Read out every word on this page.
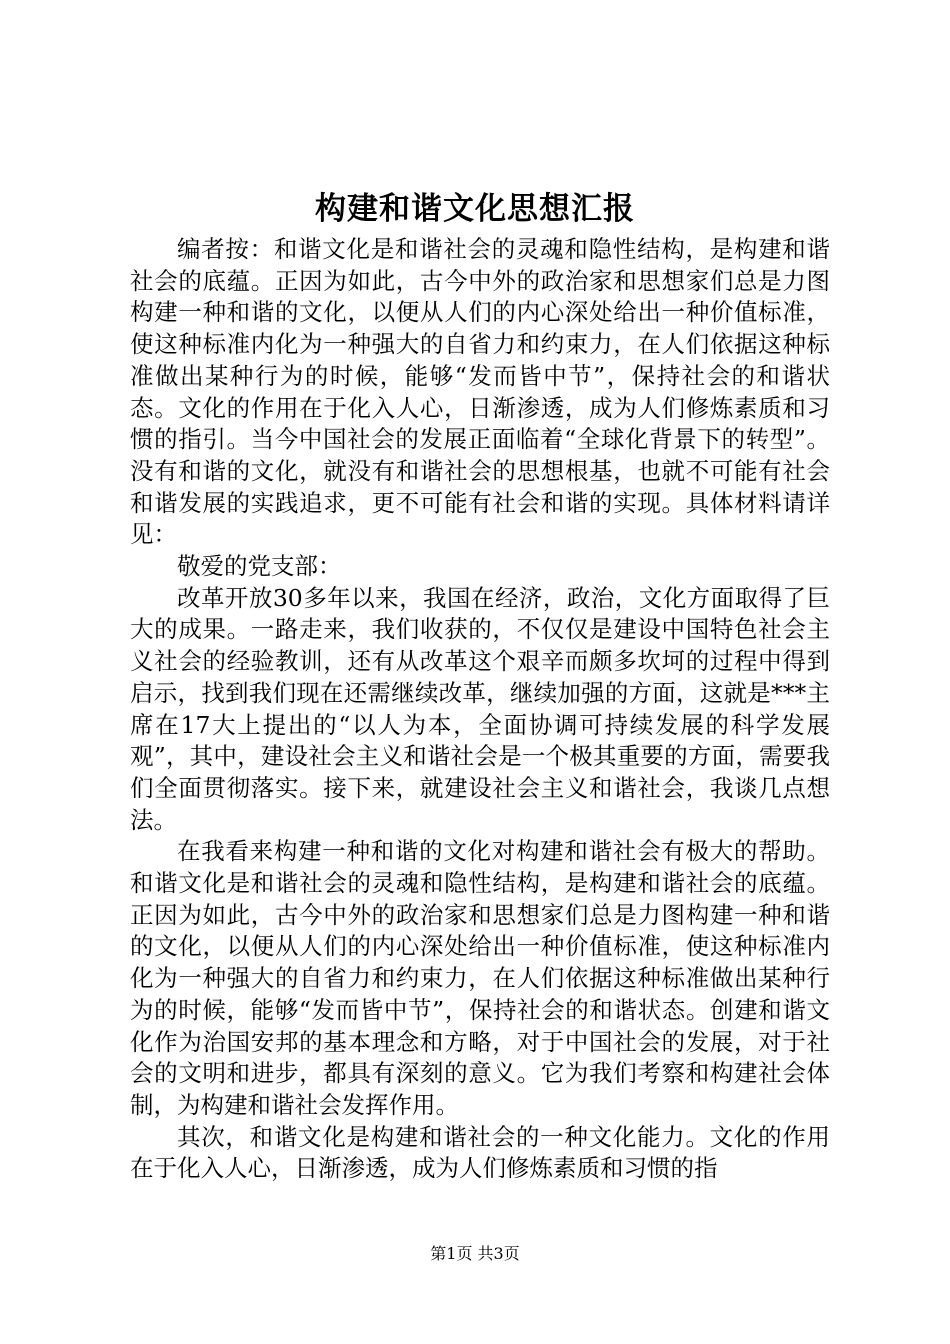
构建和谐文化思想汇报

编者按：和谐文化是和谐社会的灵魂和隐性结构，是构建和谐社会的底蕴。正因为如此，古今中外的政治家和思想家们总是力图构建一种和谐的文化，以便从人们的内心深处给出一种价值标准，使这种标准内化为一种强大的自省力和约束力，在人们依据这种标准做出某种行为的时候，能够“发而皆中节”，保持社会的和谐状态。文化的作用在于化入人心，日渐渗透，成为人们修炼素质和习惯的指引。当今中国社会的发展正面临着“全球化背景下的转型”。没有和谐的文化，就没有和谐社会的思想根基，也就不可能有社会和谐发展的实践追求，更不可能有社会和谐的实现。具体材料请详见：

敬爱的党支部：

改革开放30多年以来，我国在经济，政治，文化方面取得了巨大的成果。一路走来，我们收获的，不仅仅是建设中国特色社会主义社会的经验教训，还有从改革这个艰辛而颇多坎坷的过程中得到启示，找到我们现在还需继续改革，继续加强的方面，这就是***主席在17大上提出的“以人为本，全面协调可持续发展的科学发展观”，其中，建设社会主义和谐社会是一个极其重要的方面，需要我们全面贯彻落实。接下来，就建设社会主义和谐社会，我谈几点想法。

在我看来构建一种和谐的文化对构建和谐社会有极大的帮助。和谐文化是和谐社会的灵魂和隐性结构，是构建和谐社会的底蕴。正因为如此，古今中外的政治家和思想家们总是力图构建一种和谐的文化，以便从人们的内心深处给出一种价值标准，使这种标准内化为一种强大的自省力和约束力，在人们依据这种标准做出某种行为的时候，能够“发而皆中节”，保持社会的和谐状态。创建和谐文化作为治国安邦的基本理念和方略，对于中国社会的发展，对于社会的文明和进步，都具有深刻的意义。它为我们考察和构建社会体制，为构建和谐社会发挥作用。

其次，和谐文化是构建和谐社会的一种文化能力。文化的作用在于化入人心，日渐渗透，成为人们修炼素质和习惯的指

第1页 共3页
